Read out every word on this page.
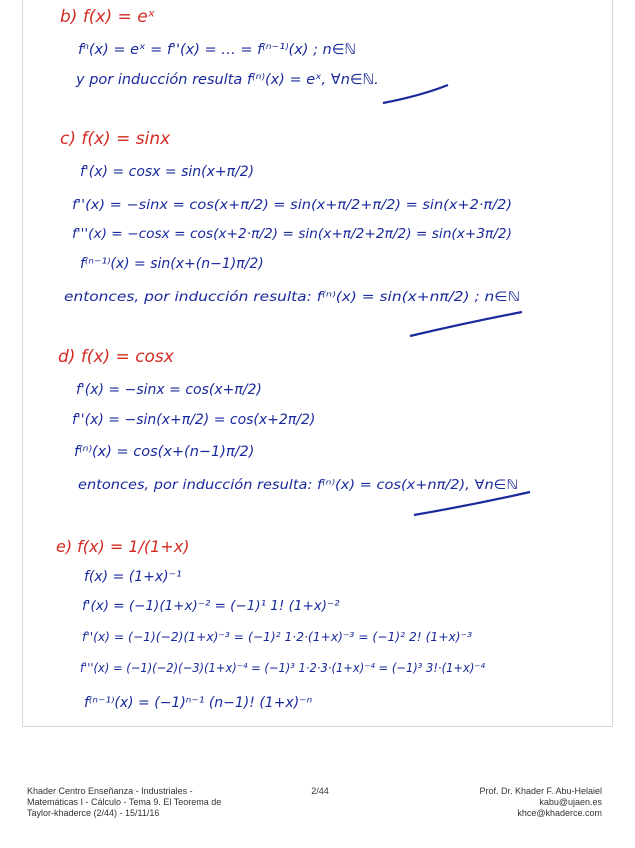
b) f(x) = eˣ
fⁿ(x) = eˣ = f''(x) = … = f⁽ⁿ⁻¹⁾(x) ; n∈ℕ
y por inducción resulta f⁽ⁿ⁾(x) = eˣ, ∀n∈ℕ.
c) f(x) = sinx
f'(x) = cosx = sin(x+π/2)
f''(x) = −sinx = cos(x+π/2) = sin(x+π/2+π/2) = sin(x+2·π/2)
f'''(x) = −cosx = cos(x+2·π/2) = sin(x+π/2+2π/2) = sin(x+3π/2)
f⁽ⁿ⁻¹⁾(x) = sin(x+(n−1)π/2)
entonces, por inducción resulta: f⁽ⁿ⁾(x) = sin(x+nπ/2) ; n∈ℕ
d) f(x) = cosx
f'(x) = −sinx = cos(x+π/2)
f''(x) = −sin(x+π/2) = cos(x+2π/2)
f⁽ⁿ⁾(x) = cos(x+(n−1)π/2)
entonces, por inducción resulta: f⁽ⁿ⁾(x) = cos(x+nπ/2), ∀n∈ℕ
e) f(x) = 1/(1+x)
f(x) = (1+x)⁻¹
f'(x) = (−1)(1+x)⁻² = (−1)¹ 1! (1+x)⁻²
f''(x) = (−1)(−2)(1+x)⁻³ = (−1)² 1·2·(1+x)⁻³ = (−1)² 2! (1+x)⁻³
f'''(x) = (−1)(−2)(−3)(1+x)⁻⁴ = (−1)³ 1·2·3·(1+x)⁻⁴ = (−1)³ 3!·(1+x)⁻⁴
f⁽ⁿ⁻¹⁾(x) = (−1)ⁿ⁻¹ (n−1)! (1+x)⁻ⁿ
Khader Centro Enseñanza - Industriales -
Matemáticas I - Cálculo - Tema 9. El Teorema de
Taylor-khaderce (2/44) - 15/11/16
2/44	Prof. Dr. Khader F. Abu-Helaiel
kabu@ujaen.es
khce@khaderce.com
